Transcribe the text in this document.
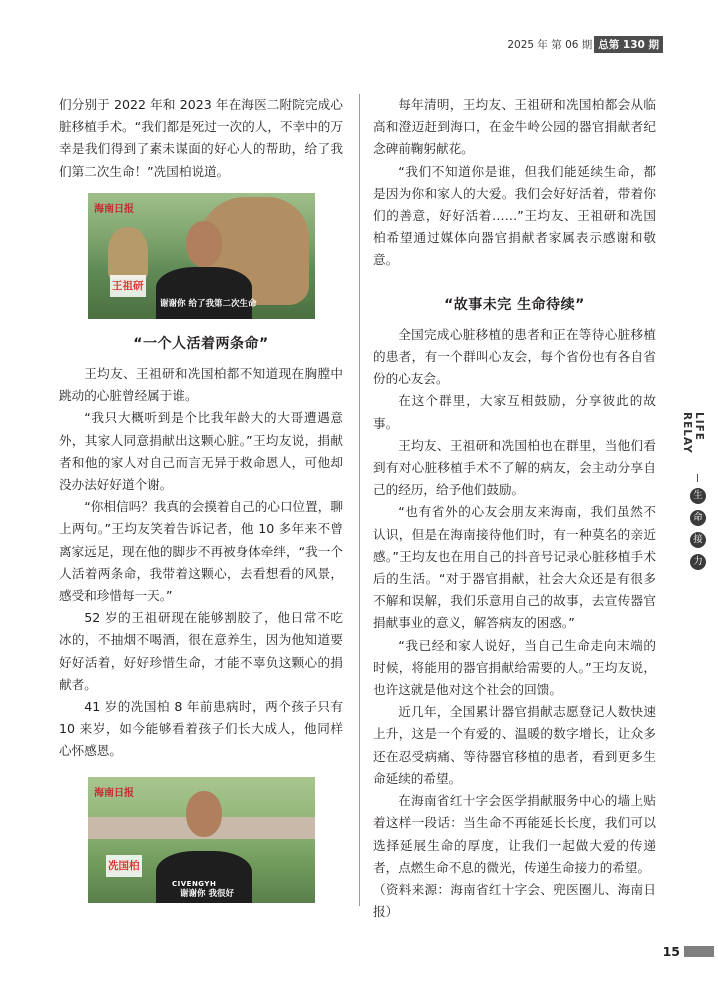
2025 年 第 06 期 总第 130 期

们分别于 2022 年和 2023 年在海医二附院完成心脏移植手术。“我们都是死过一次的人，不幸中的万幸是我们得到了素未谋面的好心人的帮助，给了我们第二次生命！”冼国柏说道。

海南日报
王祖研
谢谢你 给了我第二次生命
“一个人活着两条命”

王均友、王祖研和冼国柏都不知道现在胸膛中跳动的心脏曾经属于谁。

“我只大概听到是个比我年龄大的大哥遭遇意外，其家人同意捐献出这颗心脏。”王均友说，捐献者和他的家人对自己而言无异于救命恩人，可他却没办法好好道个谢。

“你相信吗？我真的会摸着自己的心口位置，聊上两句。”王均友笑着告诉记者，他 10 多年来不曾离家远足，现在他的脚步不再被身体牵绊，“我一个人活着两条命，我带着这颗心，去看想看的风景，感受和珍惜每一天。”

52 岁的王祖研现在能够割胶了，他日常不吃冰的，不抽烟不喝酒，很在意养生，因为他知道要好好活着，好好珍惜生命，才能不辜负这颗心的捐献者。

41 岁的冼国柏 8 年前患病时，两个孩子只有 10 来岁，如今能够看着孩子们长大成人，他同样心怀感恩。

海南日报
CIVENGYH
冼国柏
谢谢你 我很好

每年清明，王均友、王祖研和冼国柏都会从临高和澄迈赶到海口，在金牛岭公园的器官捐献者纪念碑前鞠躬献花。

“我们不知道你是谁，但我们能延续生命，都是因为你和家人的大爱。我们会好好活着，带着你们的善意，好好活着……”王均友、王祖研和冼国柏希望通过媒体向器官捐献者家属表示感谢和敬意。

“故事未完 生命待续”

全国完成心脏移植的患者和正在等待心脏移植的患者，有一个群叫心友会，每个省份也有各自省份的心友会。

在这个群里，大家互相鼓励，分享彼此的故事。

王均友、王祖研和冼国柏也在群里，当他们看到有对心脏移植手术不了解的病友，会主动分享自己的经历，给予他们鼓励。

“也有省外的心友会朋友来海南，我们虽然不认识，但是在海南接待他们时，有一种莫名的亲近感。”王均友也在用自己的抖音号记录心脏移植手术后的生活。“对于器官捐献，社会大众还是有很多不解和误解，我们乐意用自己的故事，去宣传器官捐献事业的意义，解答病友的困惑。”

“我已经和家人说好，当自己生命走向末端的时候，将能用的器官捐献给需要的人。”王均友说，也许这就是他对这个社会的回馈。

近几年，全国累计器官捐献志愿登记人数快速上升，这是一个有爱的、温暖的数字增长，让众多还在忍受病痛、等待器官移植的患者，看到更多生命延续的希望。

在海南省红十字会医学捐献服务中心的墙上贴着这样一段话：当生命不再能延长长度，我们可以选择延展生命的厚度，让我们一起做大爱的传递者，点燃生命不息的微光，传递生命接力的希望。

（资料来源：海南省红十字会、兜医圈儿、海南日报）

LIFE RELAY
生
命
接
力
15
